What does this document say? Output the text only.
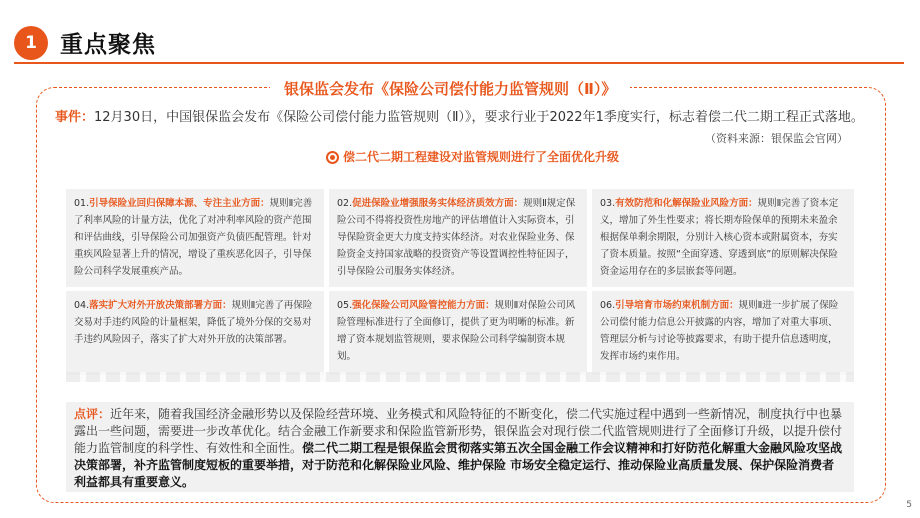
1	重点聚焦
银保监会发布《保险公司偿付能力监管规则（Ⅱ）》
事件：12月30日，中国银保监会发布《保险公司偿付能力监管规则（Ⅱ）》，要求行业于2022年1季度实行，标志着偿二代二期工程正式落地。
（资料来源：银保监会官网）
偿二代二期工程建设对监管规则进行了全面优化升级
01.引导保险业回归保障本源、专注主业方面：规则Ⅱ完善了利率风险的计量方法，优化了对冲利率风险的资产范围和评估曲线，引导保险公司加强资产负债匹配管理。针对重疾风险显著上升的情况，增设了重疾恶化因子，引导保险公司科学发展重疾产品。
02.促进保险业增强服务实体经济质效方面：规则Ⅱ规定保险公司不得将投资性房地产的评估增值计入实际资本，引导保险资金更大力度支持实体经济。对农业保险业务、保险资金支持国家战略的投资资产等设置调控性特征因子，引导保险公司服务实体经济。
03.有效防范和化解保险业风险方面：规则Ⅱ完善了资本定义，增加了外生性要求；将长期寿险保单的预期未来盈余根据保单剩余期限，分别计入核心资本或附属资本，夯实了资本质量。按照“全面穿透、穿透到底”的原则解决保险资金运用存在的多层嵌套等问题。
04.落实扩大对外开放决策部署方面：规则Ⅱ完善了再保险交易对手违约风险的计量框架，降低了境外分保的交易对手违约风险因子，落实了扩大对外开放的决策部署。
05.强化保险公司风险管控能力方面：规则Ⅱ对保险公司风险管理标准进行了全面修订，提供了更为明晰的标准。新增了资本规划监管规则，要求保险公司科学编制资本规划。
06.引导培育市场约束机制方面：规则Ⅱ进一步扩展了保险公司偿付能力信息公开披露的内容，增加了对重大事项、管理层分析与讨论等披露要求，有助于提升信息透明度，发挥市场约束作用。
点评：近年来，随着我国经济金融形势以及保险经营环境、业务模式和风险特征的不断变化，偿二代实施过程中遇到一些新情况，制度执行中也暴露出一些问题，需要进一步改革优化。结合金融工作新要求和保险监管新形势，银保监会对现行偿二代监管规则进行了全面修订升级，以提升偿付能力监管制度的科学性、有效性和全面性。偿二代二期工程是银保监会贯彻落实第五次全国金融工作会议精神和打好防范化解重大金融风险攻坚战决策部署，补齐监管制度短板的重要举措，对于防范和化解保险业风险、维护保险 市场安全稳定运行、推动保险业高质量发展、保护保险消费者利益都具有重要意义。
5
